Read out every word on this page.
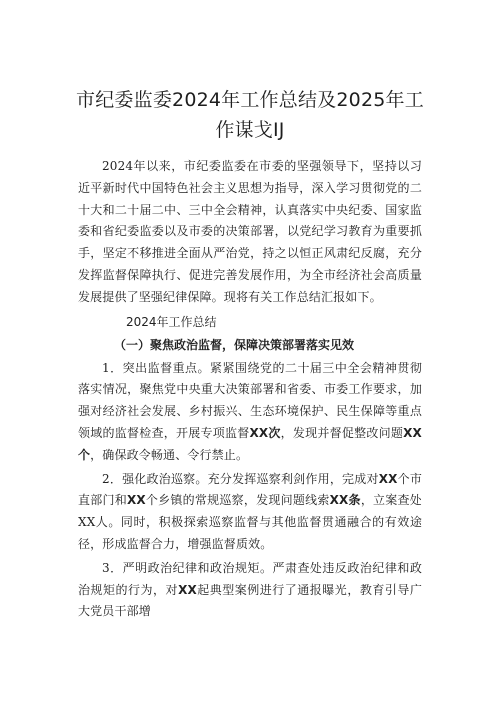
市纪委监委2024年工作总结及2025年工
作谋戈IJ

2024年以来，市纪委监委在市委的坚强领导下，坚持以习近平新时代中国特色社会主义思想为指导，深入学习贯彻党的二十大和二十届二中、三中全会精神，认真落实中央纪委、国家监委和省纪委监委以及市委的决策部署，以党纪学习教育为重要抓手，坚定不移推进全面从严治党，持之以恒正风肃纪反腐，充分发挥监督保障执行、促进完善发展作用，为全市经济社会高质量发展提供了坚强纪律保障。现将有关工作总结汇报如下。

2024年工作总结
（一）聚焦政治监督，保障决策部署落实见效

1．突出监督重点。紧紧围绕党的二十届三中全会精神贯彻落实情况，聚焦党中央重大决策部署和省委、市委工作要求，加强对经济社会发展、乡村振兴、生态环境保护、民生保障等重点领域的监督检查，开展专项监督XX次，发现并督促整改问题XX个，确保政令畅通、令行禁止。

2．强化政治巡察。充分发挥巡察利剑作用，完成对XX个市直部门和XX个乡镇的常规巡察，发现问题线索XX条，立案查处XX人。同时，积极探索巡察监督与其他监督贯通融合的有效途径，形成监督合力，增强监督质效。

3．严明政治纪律和政治规矩。严肃查处违反政治纪律和政治规矩的行为，对XX起典型案例进行了通报曝光，教育引导广大党员干部增
